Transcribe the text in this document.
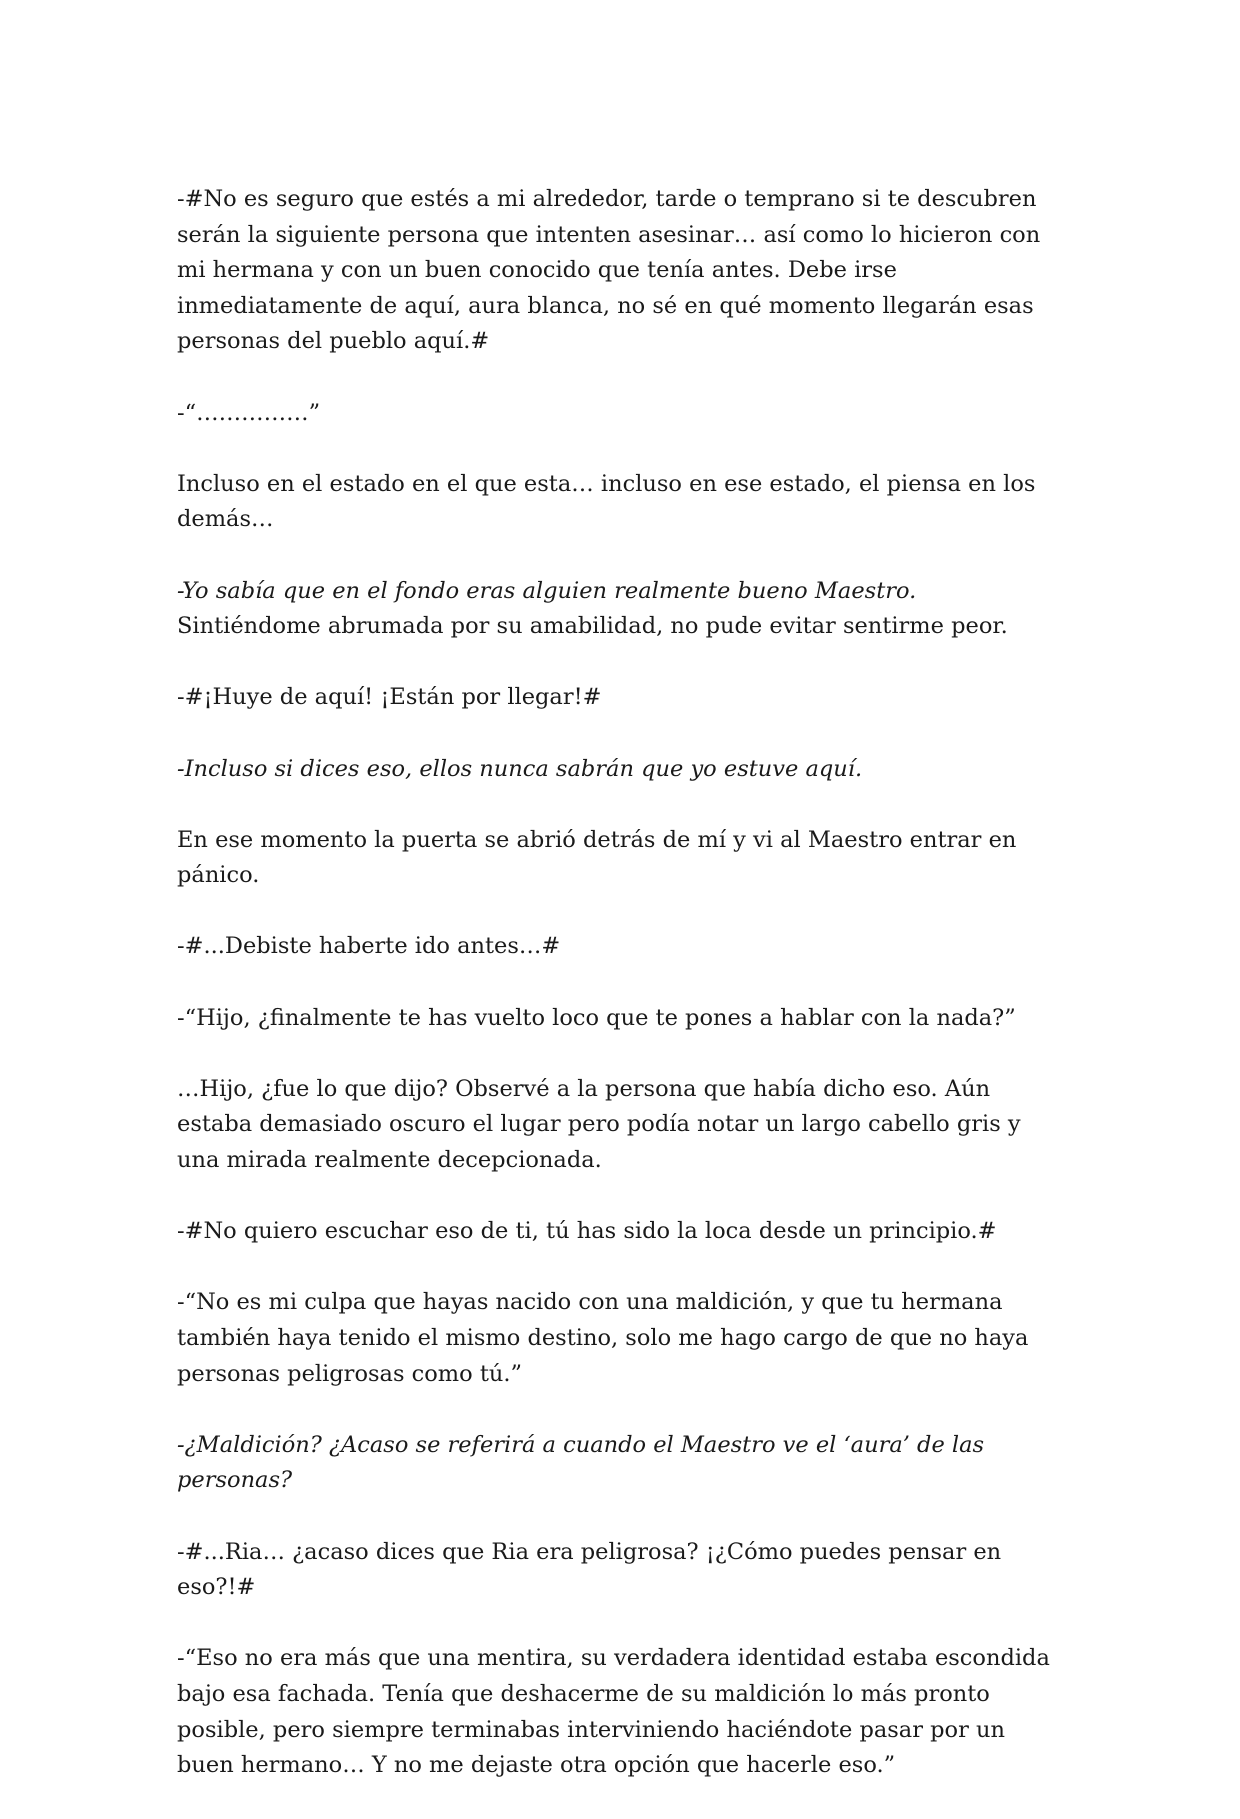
-#No es seguro que estés a mi alrededor, tarde o temprano si te descubren serán la siguiente persona que intenten asesinar… así como lo hicieron con mi hermana y con un buen conocido que tenía antes. Debe irse inmediatamente de aquí, aura blanca, no sé en qué momento llegarán esas personas del pueblo aquí.#

-“……………”

Incluso en el estado en el que esta… incluso en ese estado, el piensa en los demás…

-Yo sabía que en el fondo eras alguien realmente bueno Maestro. Sintiéndome abrumada por su amabilidad, no pude evitar sentirme peor.

-#¡Huye de aquí! ¡Están por llegar!#

-Incluso si dices eso, ellos nunca sabrán que yo estuve aquí.

En ese momento la puerta se abrió detrás de mí y vi al Maestro entrar en pánico.

-#...Debiste haberte ido antes…#

-“Hijo, ¿finalmente te has vuelto loco que te pones a hablar con la nada?”

…Hijo, ¿fue lo que dijo? Observé a la persona que había dicho eso. Aún estaba demasiado oscuro el lugar pero podía notar un largo cabello gris y una mirada realmente decepcionada.

-#No quiero escuchar eso de ti, tú has sido la loca desde un principio.#

-“No es mi culpa que hayas nacido con una maldición, y que tu hermana también haya tenido el mismo destino, solo me hago cargo de que no haya personas peligrosas como tú.”

-¿Maldición? ¿Acaso se referirá a cuando el Maestro ve el ‘aura’ de las personas?

-#...Ria… ¿acaso dices que Ria era peligrosa? ¡¿Cómo puedes pensar en eso?!#

-“Eso no era más que una mentira, su verdadera identidad estaba escondida bajo esa fachada. Tenía que deshacerme de su maldición lo más pronto posible, pero siempre terminabas interviniendo haciéndote pasar por un buen hermano… Y no me dejaste otra opción que hacerle eso.”
